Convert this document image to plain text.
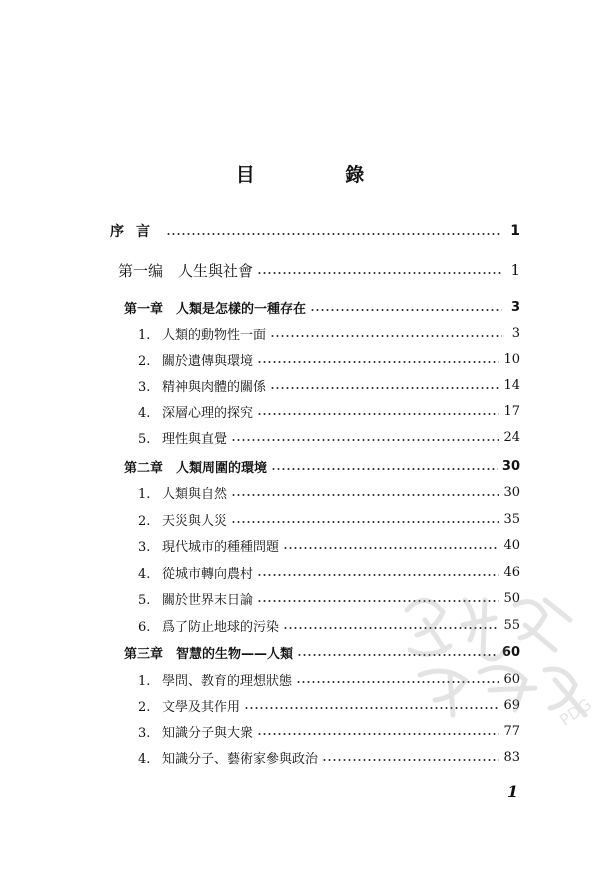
目 錄
序言	1
第一编　人生與社會	1
第一章　人類是怎樣的一種存在	3
1. 人類的動物性一面	3
2. 關於遺傳與環境	10
3. 精神與肉體的關係	14
4. 深層心理的探究	17
5. 理性與直覺	24
第二章　人類周圍的環境	30
1. 人類與自然	30
2. 天災與人災	35
3. 現代城市的種種問題	40
4. 從城市轉向農村	46
5. 關於世界末日論	50
6. 爲了防止地球的污染	55
第三章　智慧的生物——人類	60
1. 學問、教育的理想狀態	60
2. 文學及其作用	69
3. 知識分子與大衆	77
4. 知識分子、藝術家參與政治	83
PDG
1
